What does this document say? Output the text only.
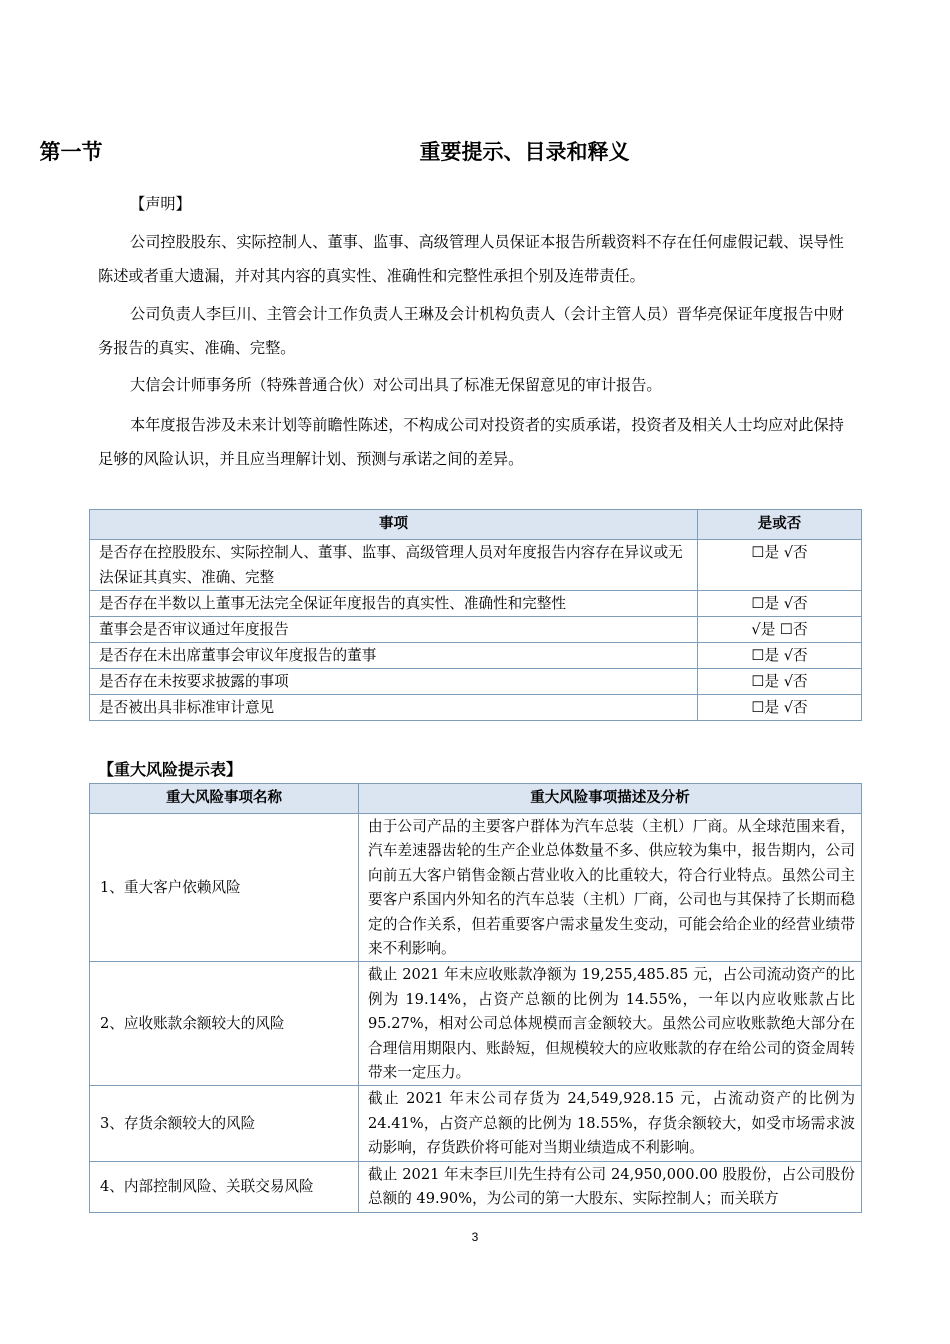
第一节	重要提示、目录和释义

【声明】

公司控股股东、实际控制人、董事、监事、高级管理人员保证本报告所载资料不存在任何虚假记载、误导性陈述或者重大遗漏，并对其内容的真实性、准确性和完整性承担个别及连带责任。

公司负责人李巨川、主管会计工作负责人王琳及会计机构负责人（会计主管人员）晋华亮保证年度报告中财务报告的真实、准确、完整。

大信会计师事务所（特殊普通合伙）对公司出具了标准无保留意见的审计报告。

本年度报告涉及未来计划等前瞻性陈述，不构成公司对投资者的实质承诺，投资者及相关人士均应对此保持足够的风险认识，并且应当理解计划、预测与承诺之间的差异。

事项	是或否
是否存在控股股东、实际控制人、董事、监事、高级管理人员对年度报告内容存在异议或无法保证其真实、准确、完整	☐是 √否
是否存在半数以上董事无法完全保证年度报告的真实性、准确性和完整性	☐是 √否
董事会是否审议通过年度报告	√是 ☐否
是否存在未出席董事会审议年度报告的董事	☐是 √否
是否存在未按要求披露的事项	☐是 √否
是否被出具非标准审计意见	☐是 √否
【重大风险提示表】
重大风险事项名称	重大风险事项描述及分析
1、重大客户依赖风险	由于公司产品的主要客户群体为汽车总装（主机）厂商。从全球范围来看，汽车差速器齿轮的生产企业总体数量不多、供应较为集中，报告期内，公司向前五大客户销售金额占营业收入的比重较大，符合行业特点。虽然公司主要客户系国内外知名的汽车总装（主机）厂商，公司也与其保持了长期而稳定的合作关系，但若重要客户需求量发生变动，可能会给企业的经营业绩带来不利影响。
2、应收账款余额较大的风险	截止 2021 年末应收账款净额为 19,255,485.85 元，占公司流动资产的比例为 19.14%，占资产总额的比例为 14.55%，一年以内应收账款占比 95.27%，相对公司总体规模而言金额较大。虽然公司应收账款绝大部分在合理信用期限内、账龄短，但规模较大的应收账款的存在给公司的资金周转带来一定压力。
3、存货余额较大的风险	截止 2021 年末公司存货为 24,549,928.15 元，占流动资产的比例为 24.41%，占资产总额的比例为 18.55%，存货余额较大，如受市场需求波动影响，存货跌价将可能对当期业绩造成不利影响。
4、内部控制风险、关联交易风险	截止 2021 年末李巨川先生持有公司 24,950,000.00 股股份，占公司股份总额的 49.90%，为公司的第一大股东、实际控制人；而关联方
3
